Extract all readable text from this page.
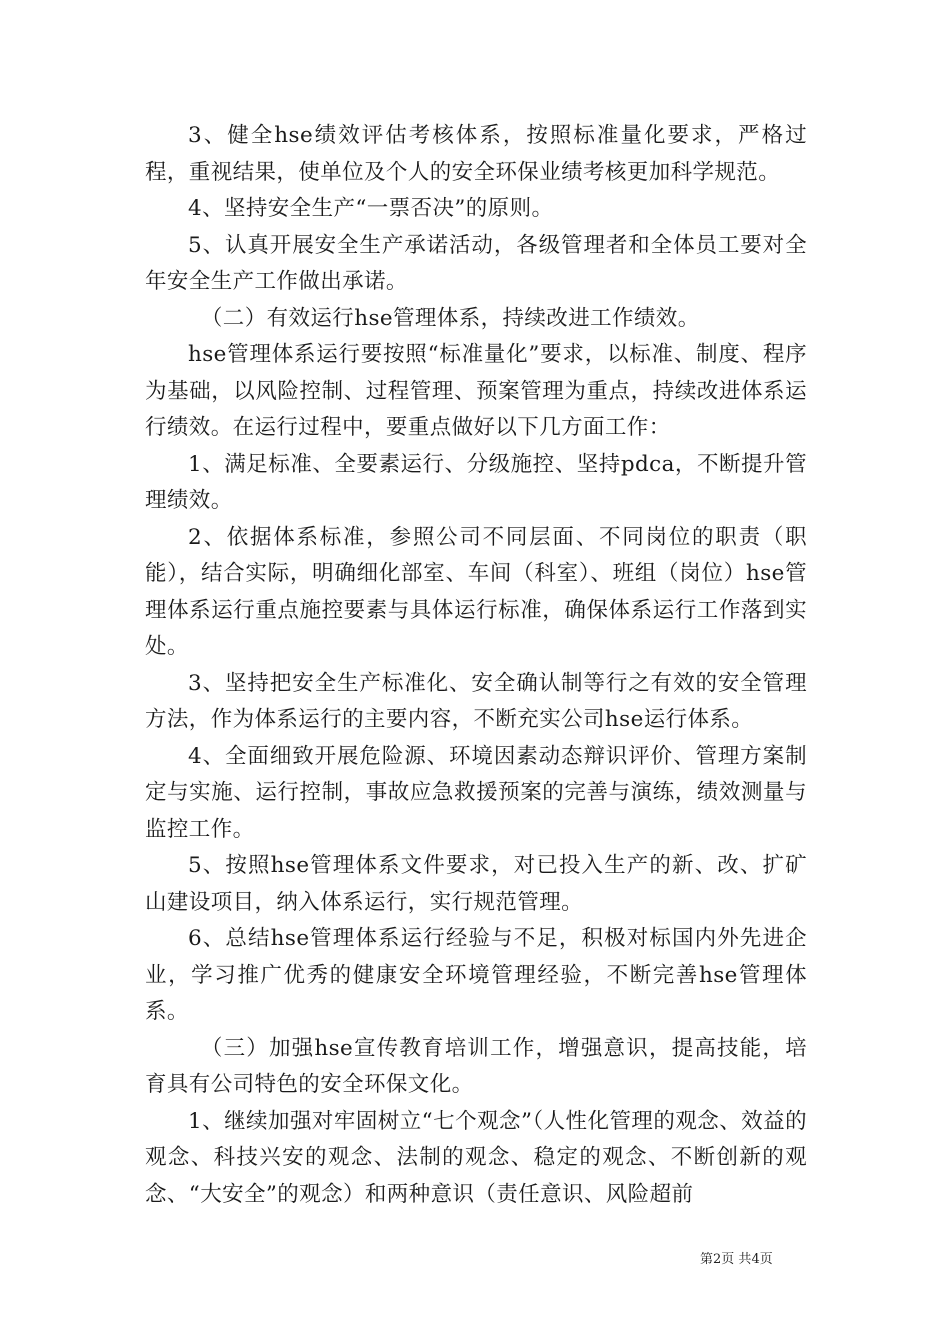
3、健全hse绩效评估考核体系，按照标准量化要求，严格过程，重视结果，使单位及个人的安全环保业绩考核更加科学规范。

4、坚持安全生产“一票否决”的原则。

5、认真开展安全生产承诺活动，各级管理者和全体员工要对全年安全生产工作做出承诺。

（二）有效运行hse管理体系，持续改进工作绩效。

hse管理体系运行要按照“标准量化”要求，以标准、制度、程序为基础，以风险控制、过程管理、预案管理为重点，持续改进体系运行绩效。在运行过程中，要重点做好以下几方面工作：

1、满足标准、全要素运行、分级施控、坚持pdca，不断提升管理绩效。

2、依据体系标准，参照公司不同层面、不同岗位的职责（职能），结合实际，明确细化部室、车间（科室）、班组（岗位）hse管理体系运行重点施控要素与具体运行标准，确保体系运行工作落到实处。

3、坚持把安全生产标准化、安全确认制等行之有效的安全管理方法，作为体系运行的主要内容，不断充实公司hse运行体系。

4、全面细致开展危险源、环境因素动态辩识评价、管理方案制定与实施、运行控制，事故应急救援预案的完善与演练，绩效测量与监控工作。

5、按照hse管理体系文件要求，对已投入生产的新、改、扩矿山建设项目，纳入体系运行，实行规范管理。

6、总结hse管理体系运行经验与不足，积极对标国内外先进企业，学习推广优秀的健康安全环境管理经验，不断完善hse管理体系。

（三）加强hse宣传教育培训工作，增强意识，提高技能，培育具有公司特色的安全环保文化。

1、继续加强对牢固树立“七个观念”（人性化管理的观念、效益的观念、科技兴安的观念、法制的观念、稳定的观念、不断创新的观念、“大安全”的观念）和两种意识（责任意识、风险超前

第2页 共4页
